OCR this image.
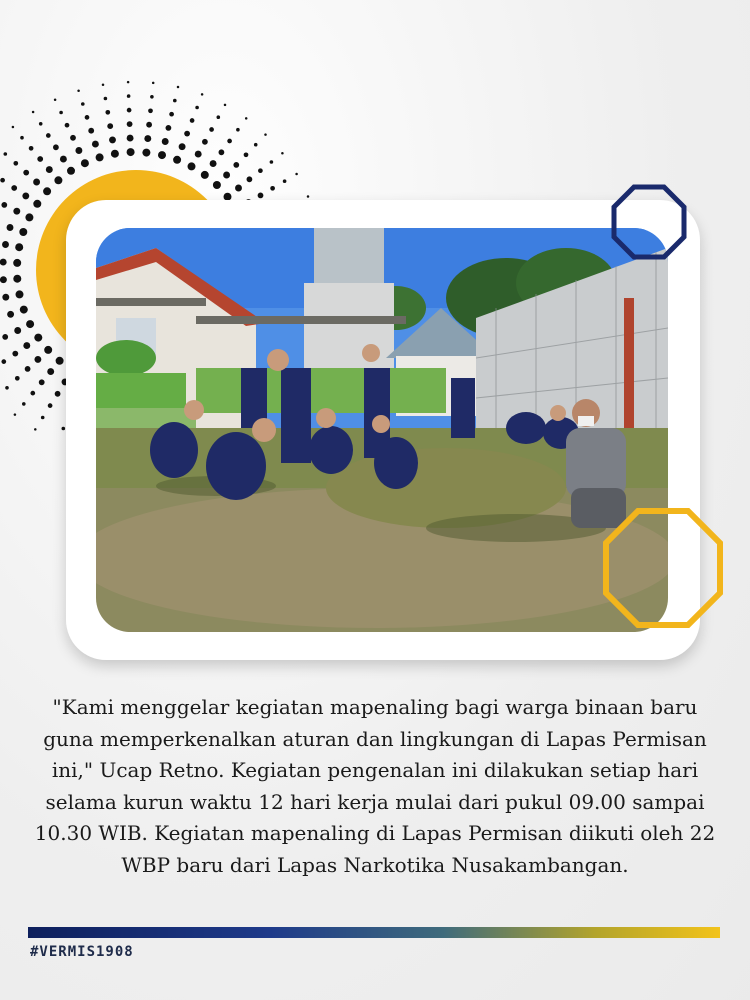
"Kami menggelar kegiatan mapenaling bagi warga binaan baru guna memperkenalkan aturan dan lingkungan di Lapas Permisan ini," Ucap Retno. Kegiatan pengenalan ini dilakukan setiap hari selama kurun waktu 12 hari kerja mulai dari pukul 09.00 sampai 10.30 WIB. Kegiatan mapenaling di Lapas Permisan diikuti oleh 22 WBP baru dari Lapas Narkotika Nusakambangan.
#VERMIS1908
